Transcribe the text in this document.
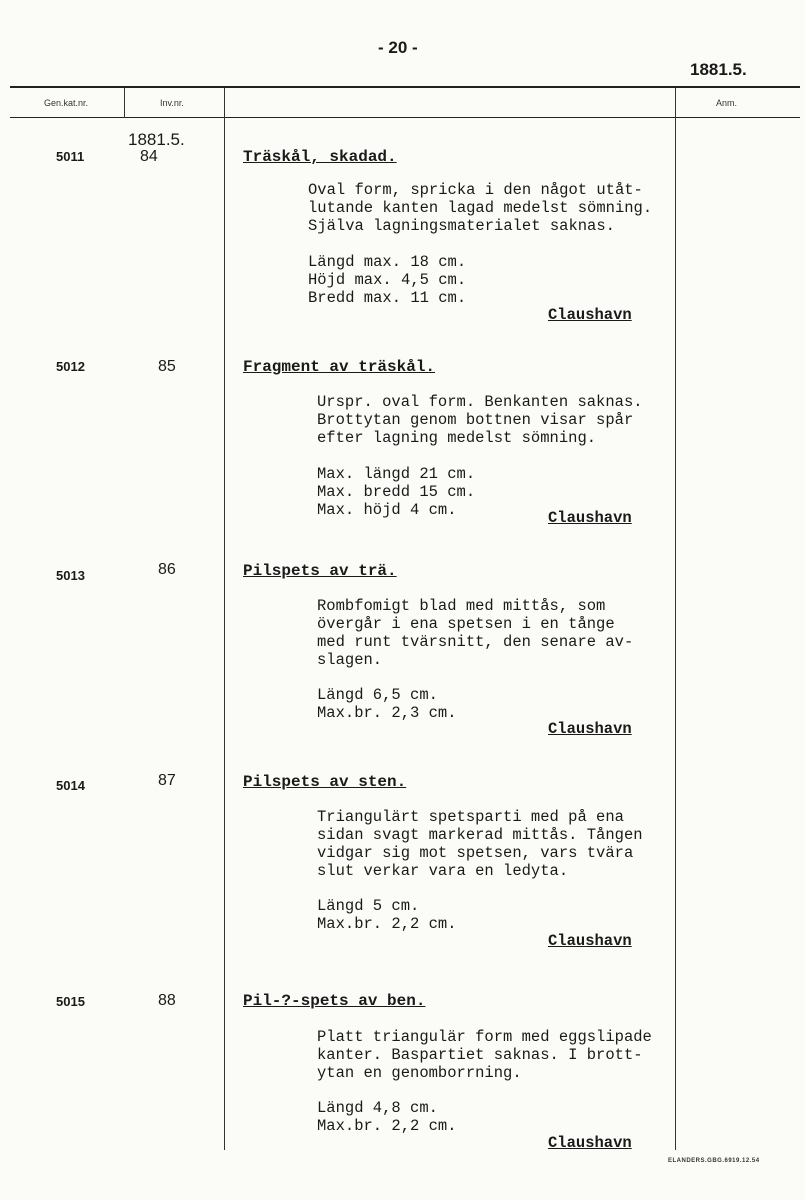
- 20 -
1881.5.
Gen.kat.nr.	Inv.nr.	Anm.
1881.5.
5011	84	Träskål, skadad.
Oval form, spricka i den något utåt-
lutande kanten lagad medelst sömning.
Själva lagningsmaterialet saknas.
Längd max. 18 cm.
Höjd max. 4,5 cm.
Bredd max. 11 cm.
Claushavn
5012	85	Fragment av träskål.
Urspr. oval form. Benkanten saknas.
Brottytan genom bottnen visar spår
efter lagning medelst sömning.
Max. längd 21 cm.
Max. bredd 15 cm.
Max. höjd 4 cm.	Claushavn
5013	86	Pilspets av trä.
Rombfomigt blad med mittås, som
övergår i ena spetsen i en tånge
med runt tvärsnitt, den senare av-
slagen.
Längd 6,5 cm.
Max.br. 2,3 cm.
Claushavn
5014	87	Pilspets av sten.
Triangulärt spetsparti med på ena
sidan svagt markerad mittås. Tången
vidgar sig mot spetsen, vars tvära
slut verkar vara en ledyta.
Längd 5 cm.
Max.br. 2,2 cm.
Claushavn
5015	88	Pil-?-spets av ben.
Platt triangulär form med eggslipade
kanter. Baspartiet saknas. I brott-
ytan en genomborrning.
Längd 4,8 cm.
Max.br. 2,2 cm.
Claushavn
ELANDERS.GBG.6919.12.54
